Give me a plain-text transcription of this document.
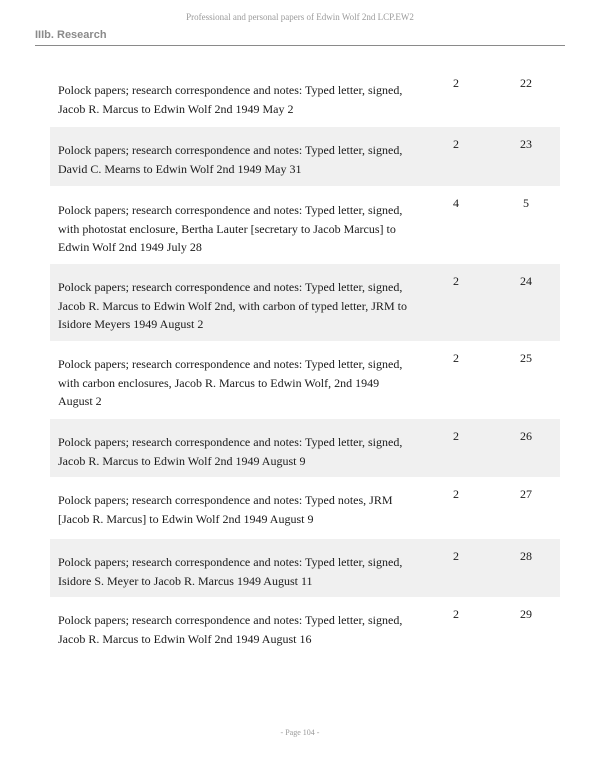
Professional and personal papers of Edwin Wolf 2nd LCP.EW2
IIIb. Research
Polock papers; research correspondence and notes: Typed letter, signed, Jacob R. Marcus to Edwin Wolf 2nd 1949 May 2
2	22
Polock papers; research correspondence and notes: Typed letter, signed, David C. Mearns to Edwin Wolf 2nd 1949 May 31
2	23
Polock papers; research correspondence and notes: Typed letter, signed, with photostat enclosure, Bertha Lauter [secretary to Jacob Marcus] to Edwin Wolf 2nd 1949 July 28
4	5
Polock papers; research correspondence and notes: Typed letter, signed, Jacob R. Marcus to Edwin Wolf 2nd, with carbon of typed letter, JRM to Isidore Meyers 1949 August 2
2	24
Polock papers; research correspondence and notes: Typed letter, signed, with carbon enclosures, Jacob R. Marcus to Edwin Wolf, 2nd 1949 August 2
2	25
Polock papers; research correspondence and notes: Typed letter, signed, Jacob R. Marcus to Edwin Wolf 2nd 1949 August 9
2	26
Polock papers; research correspondence and notes: Typed notes, JRM [Jacob R. Marcus] to Edwin Wolf 2nd 1949 August 9
2	27
Polock papers; research correspondence and notes: Typed letter, signed, Isidore S. Meyer to Jacob R. Marcus 1949 August 11
2	28
Polock papers; research correspondence and notes: Typed letter, signed, Jacob R. Marcus to Edwin Wolf 2nd 1949 August 16
2	29
- Page 104 -
